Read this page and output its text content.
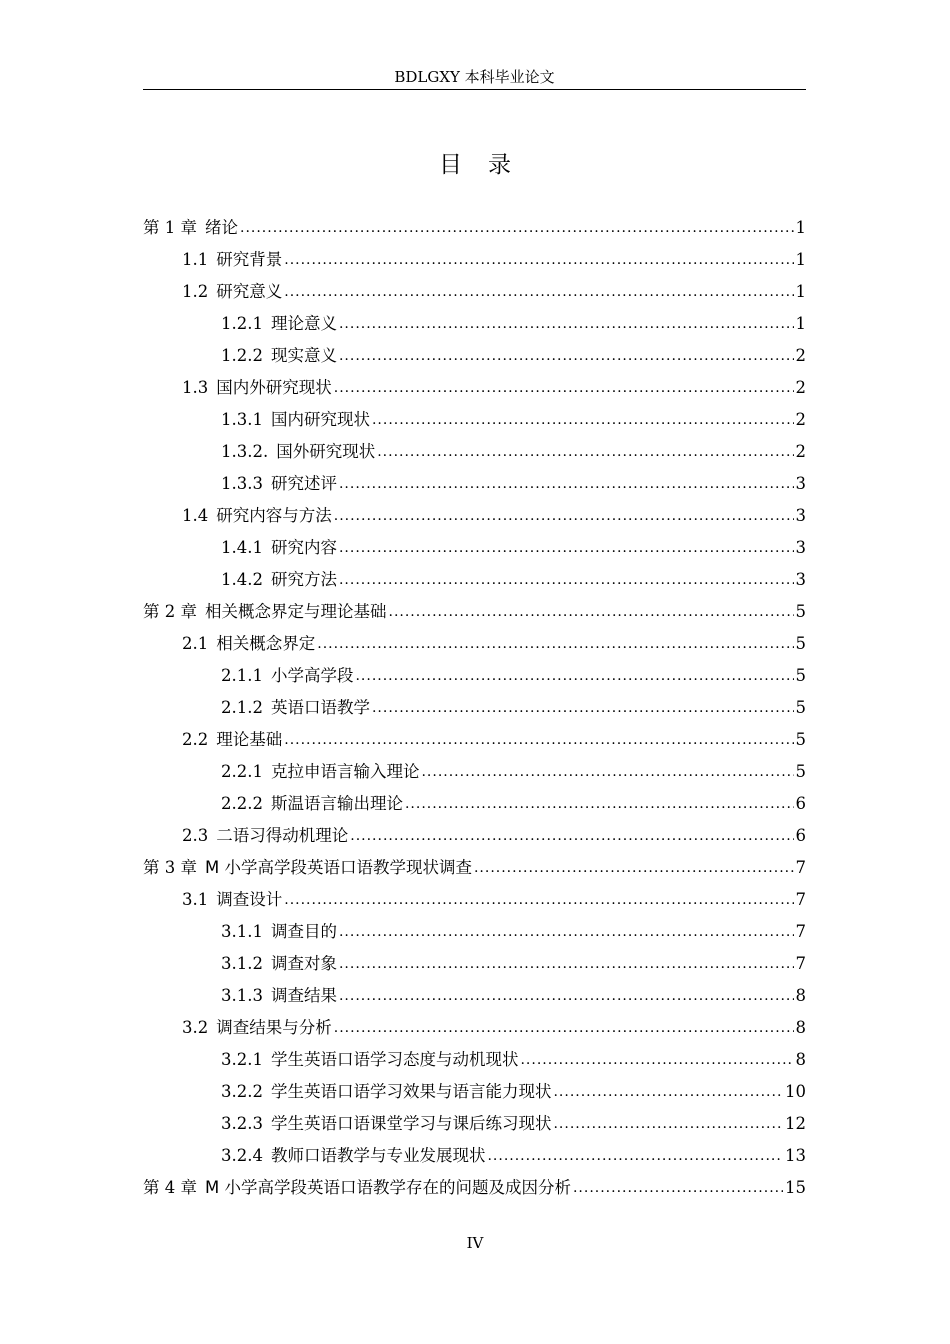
BDLGXY 本科毕业论文
目录
第 1 章 绪论 .....	1
1.1 研究背景 .....	1
1.2 研究意义 .....	1
1.2.1 理论意义 .....	1
1.2.2 现实意义 .....	2
1.3 国内外研究现状 .....	2
1.3.1 国内研究现状 .....	2
1.3.2. 国外研究现状 .....	2
1.3.3 研究述评 .....	3
1.4 研究内容与方法 .....	3
1.4.1 研究内容 .....	3
1.4.2 研究方法 .....	3
第 2 章 相关概念界定与理论基础 .....	5
2.1 相关概念界定 .....	5
2.1.1 小学高学段 .....	5
2.1.2 英语口语教学 .....	5
2.2 理论基础 .....	5
2.2.1 克拉申语言输入理论 .....	5
2.2.2 斯温语言输出理论 .....	6
2.3 二语习得动机理论 .....	6
第 3 章 M 小学高学段英语口语教学现状调查 .....	7
3.1 调查设计 .....	7
3.1.1 调查目的 .....	7
3.1.2 调查对象 .....	7
3.1.3 调查结果 .....	8
3.2 调查结果与分析 .....	8
3.2.1 学生英语口语学习态度与动机现状 .....	8
3.2.2 学生英语口语学习效果与语言能力现状 .....	10
3.2.3 学生英语口语课堂学习与课后练习现状 .....	12
3.2.4 教师口语教学与专业发展现状 .....	13
第 4 章 M 小学高学段英语口语教学存在的问题及成因分析 .....	15
IV
